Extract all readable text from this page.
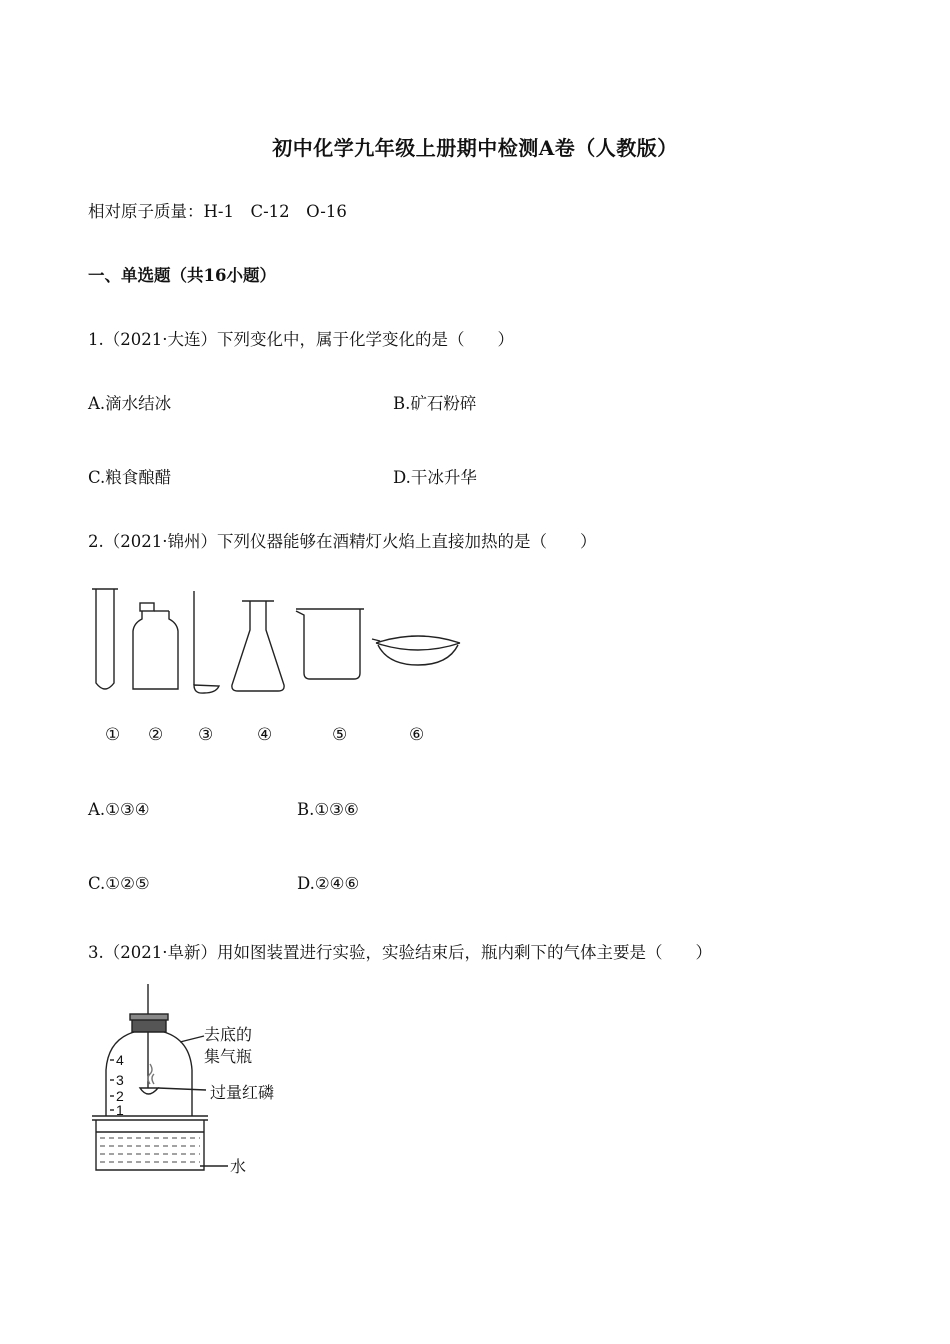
初中化学九年级上册期中检测A卷（人教版）
相对原子质量：H-1　C-12　O-16
一、单选题（共16小题）
1.（2021·大连）下列变化中，属于化学变化的是（　　）
A.滴水结冰	B.矿石粉碎
C.粮食酿醋	D.干冰升华
2.（2021·锦州）下列仪器能够在酒精灯火焰上直接加热的是（　　）
① ② ③	④	⑤	⑥
A.①③④	B.①③⑥
C.①②⑤	D.②④⑥
3.（2021·阜新）用如图装置进行实验，实验结束后，瓶内剩下的气体主要是（　　）
4
3
2
1
去底的
集气瓶
过量红磷
水
